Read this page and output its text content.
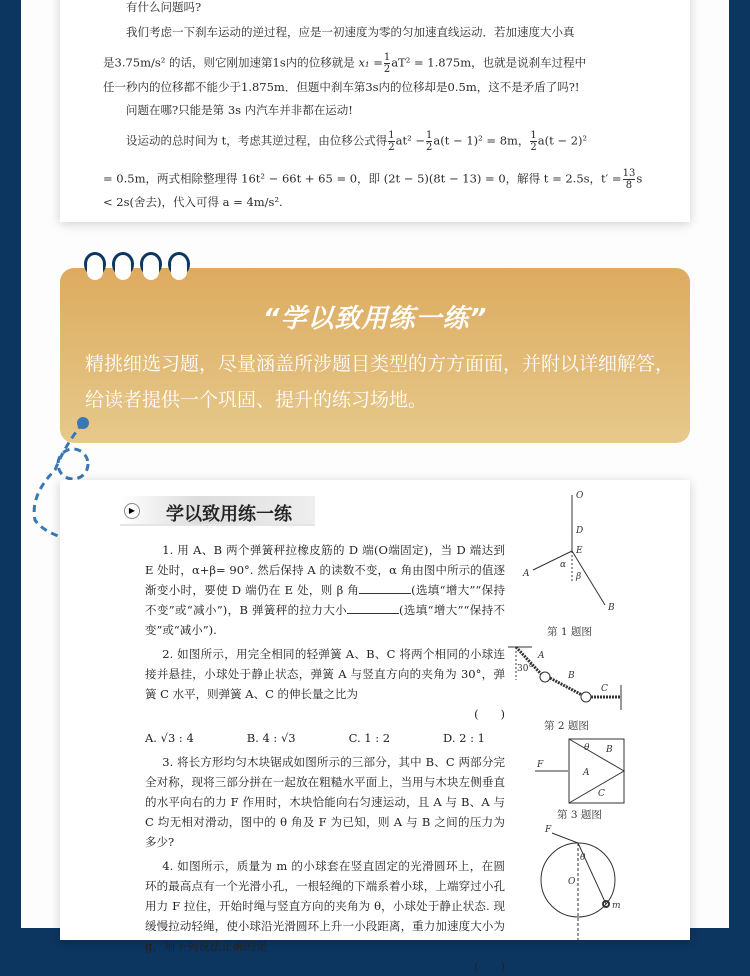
有什么问题吗?
我们考虑一下刹车运动的逆过程，应是一初速度为零的匀加速直线运动．若加速度大小真
是3.75m/s² 的话，则它刚加速第1s内的位移就是 $x_1 = \frac{1}{2} aT^2 = 1.875m$，也就是说刹车过程中
任一秒内的位移都不能少于1.875m．但题中刹车第3s内的位移却是0.5m，这不是矛盾了吗?!
问题在哪?只能是第 3s 内汽车并非都在运动!
设运动的总时间为 t，考虑其逆过程，由位移公式得 $\frac{1}{2} at^2 - \frac{1}{2} a(t - 1)^2 = 8m$， $\frac{1}{2} a(t - 2)^2$
= 0.5m，两式相除整理得 16t² − 66t + 65 = 0，即 (2t − 5)(8t − 13) = 0，解得 t = 2.5s，$t' = \frac{13}{8}$ s
< 2s(舍去)，代入可得 a = 4m/s².
“学以致用练一练”
精挑细选习题，尽量涵盖所涉题目类型的方方面面，并附以详细解答，给读者提供一个巩固、提升的练习场地。
▶ 学以致用练一练
1. 用 A、B 两个弹簧秤拉橡皮筋的 D 端(O端固定)，当 D 端达到 E 处时，α+β= 90°. 然后保持 A 的读数不变，α 角由图中所示的值逐渐变小时，要使 D 端仍在 E 处，则 β 角	(选填“增大”“保持不变”或“减小”)，B 弹簧秤的拉力大小	(选填“增大”“保持不变”或“减小”).
2. 如图所示，用完全相同的轻弹簧 A、B、C 将两个相同的小球连接并悬挂，小球处于静止状态，弹簧 A 与竖直方向的夹角为 30°，弹簧 C 水平，则弹簧 A、C 的伸长量之比为
(      )
A. √3 : 4	B. 4 : √3	C. 1 : 2	D. 2 : 1
3. 将长方形均匀木块锯成如图所示的三部分，其中 B、C 两部分完全对称，现将三部分拼在一起放在粗糙水平面上，当用与木块左侧垂直的水平向右的力 F 作用时，木块恰能向右匀速运动，且 A 与 B、A 与 C 均无相对滑动，图中的 θ 角及 F 为已知，则 A 与 B 之间的压力为多少?
4. 如图所示，质量为 m 的小球套在竖直固定的光滑圆环上，在圆环的最高点有一个光滑小孔，一根轻绳的下端系着小球，上端穿过小孔用力 F 拉住，开始时绳与竖直方向的夹角为 θ，小球处于静止状态. 现缓慢拉动轻绳，使小球沿光滑圆环上升一小段距离，重力加速度大小为 g，则下列说法正确的是
(      )
O
D
E
A
B
α
β
第 1 题图
A
B
C
30°
第 2 题图
F
θ
A
B
C
第 3 题图
F
θ
O
m
